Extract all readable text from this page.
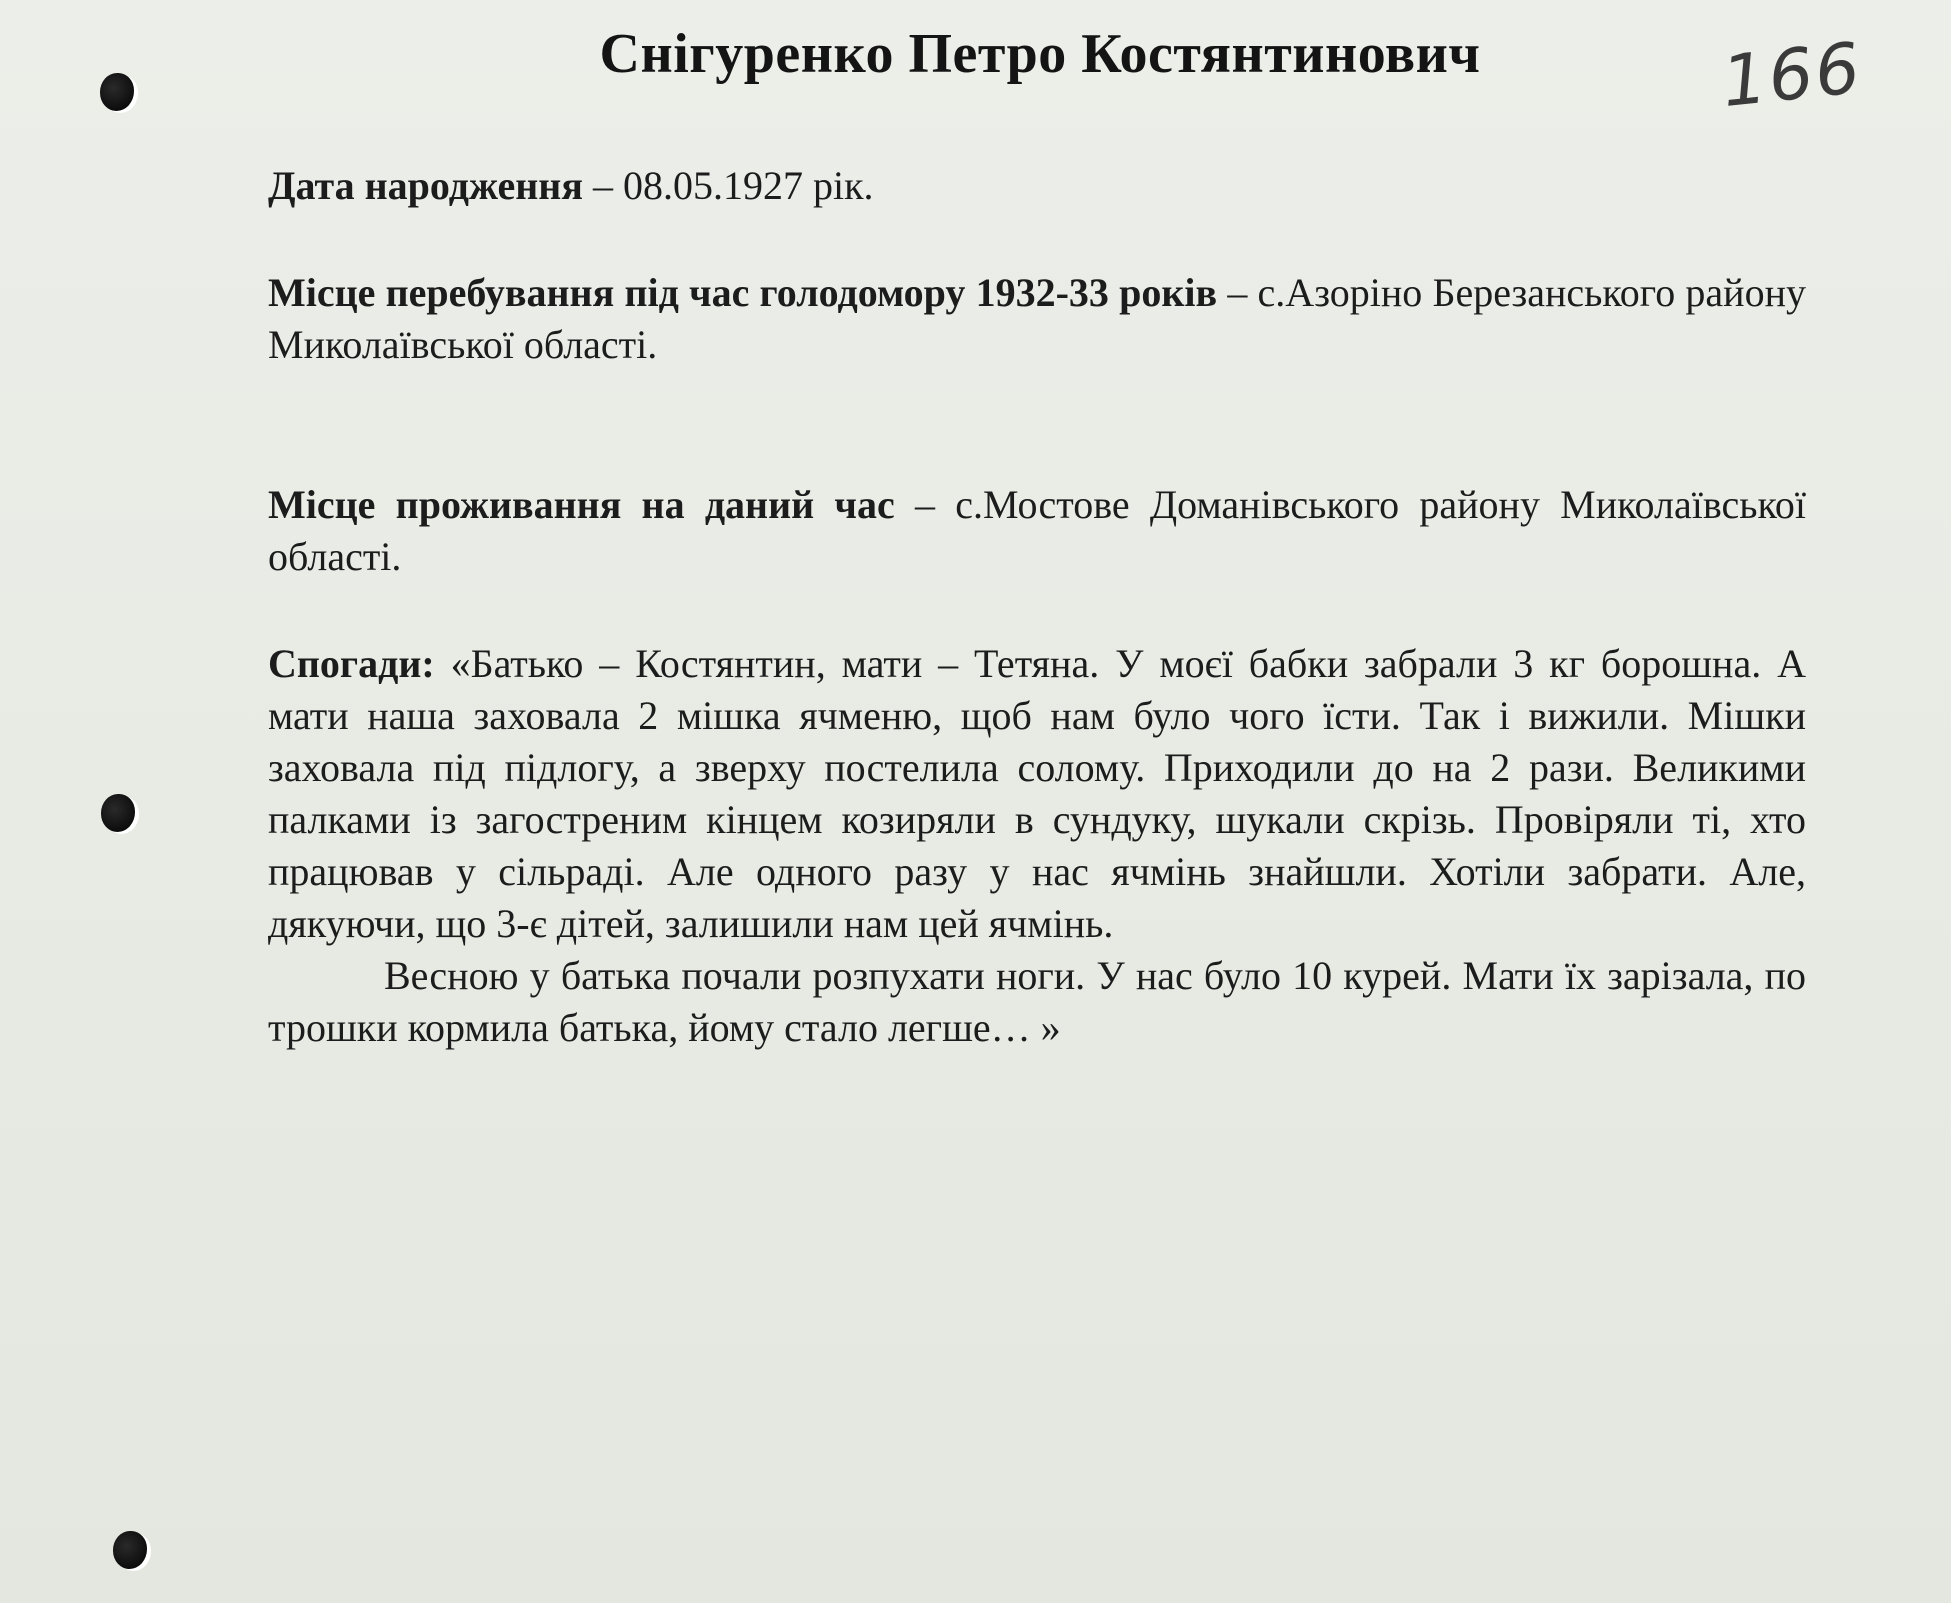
Снігуренко Петро Костянтинович	166

Дата народження – 08.05.1927 рік.

Місце перебування під час голодомору 1932-33 років – с.Азоріно Березанського району Миколаївської області.

Місце проживання на даний час – с.Мостове Доманівського району Миколаївської області.

Спогади: «Батько – Костянтин, мати – Тетяна. У моєї бабки забрали 3 кг борошна. А мати наша заховала 2 мішка ячменю, щоб нам було чого їсти. Так і вижили. Мішки заховала під підлогу, а зверху постелила солому. Приходили до на 2 рази. Великими палками із загостреним кінцем козиряли в сундуку, шукали скрізь. Провіряли ті, хто працював у сільраді. Але одного разу у нас ячмінь знайшли. Хотіли забрати. Але, дякуючи, що 3-є дітей, залишили нам цей ячмінь.

Весною у батька почали розпухати ноги. У нас було 10 курей. Мати їх зарізала, по трошки кормила батька, йому стало легше… »
